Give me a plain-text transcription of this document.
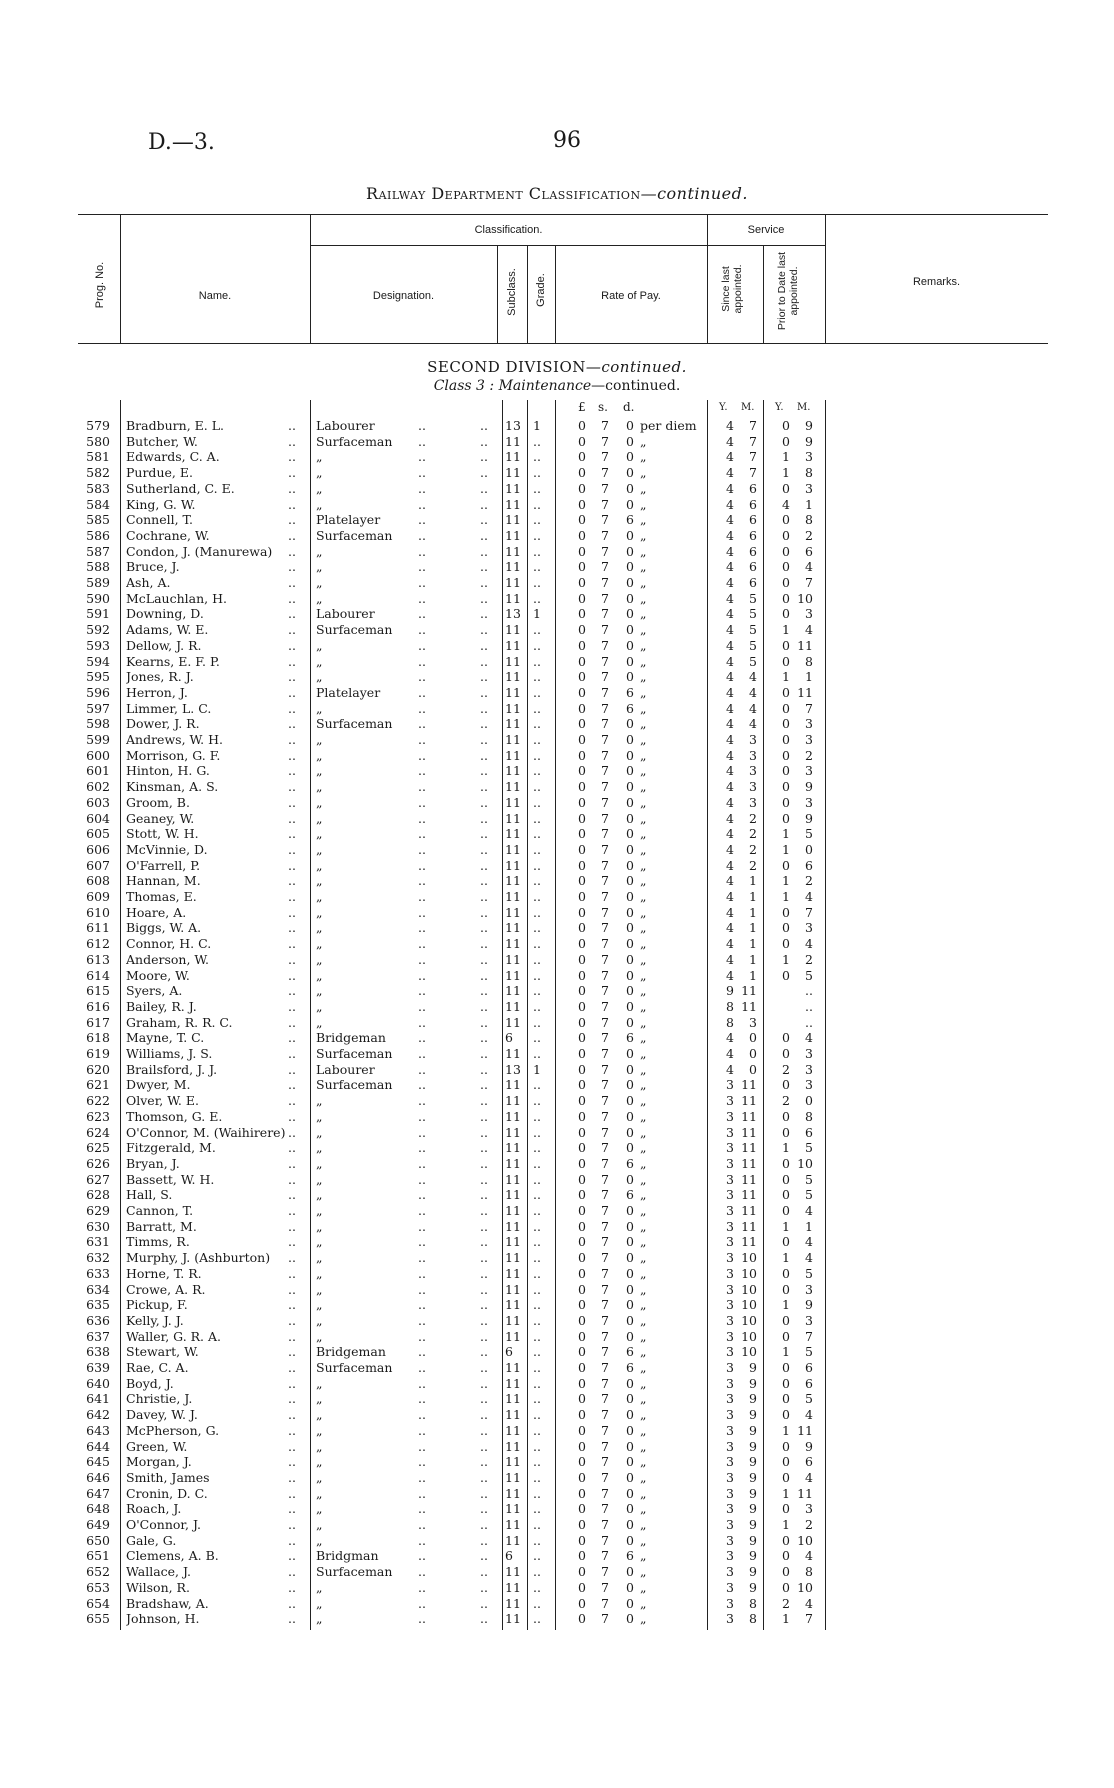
D.—3.	96
Railway Department Classification—continued.
Prog. No.	Name.
Classification.
Designation.	Subclass. Grade.	Rate of Pay.
Service
Since last appointed.	Prior to Date last appointed.	Remarks.
SECOND DIVISION—continued.
Class 3 : Maintenance—continued.
£ s. d.	Y. M. Y. M.
579 Bradburn, E. L.	.. Labourer	..	.. 13 1	0 7 0 per diem	4	7	0	9
580 Butcher, W.	.. Surfaceman	..	.. 11 ..	0 7 0 „	4	7	0	9
581 Edwards, C. A.	.. „	..	.. 11 ..	0 7 0 „	4	7	1	3
582 Purdue, E.	.. „	..	.. 11 ..	0 7 0 „	4	7	1	8
583 Sutherland, C. E.	.. „	..	.. 11 ..	0 7 0 „	4	6	0	3
584 King, G. W.	.. „	..	.. 11 ..	0 7 0 „	4	6	4	1
585 Connell, T.	.. Platelayer	..	.. 11 ..	0 7 6 „	4	6	0	8
586 Cochrane, W.	.. Surfaceman	..	.. 11 ..	0 7 0 „	4	6	0	2
587 Condon, J. (Manurewa)	.. „	..	.. 11 ..	0 7 0 „	4	6	0	6
588 Bruce, J.	.. „	..	.. 11 ..	0 7 0 „	4	6	0	4
589 Ash, A.	.. „	..	.. 11 ..	0 7 0 „	4	6	0	7
590 McLauchlan, H.	.. „	..	.. 11 ..	0 7 0 „	4	5	0 10
591 Downing, D.	.. Labourer	..	.. 13 1	0 7 0 „	4	5	0	3
592 Adams, W. E.	.. Surfaceman	..	.. 11 ..	0 7 0 „	4	5	1	4
593 Dellow, J. R.	.. „	..	.. 11 ..	0 7 0 „	4	5	0 11
594 Kearns, E. F. P.	.. „	..	.. 11 ..	0 7 0 „	4	5	0	8
595 Jones, R. J.	.. „	..	.. 11 ..	0 7 0 „	4	4	1	1
596 Herron, J.	.. Platelayer	..	.. 11 ..	0 7 6 „	4	4	0 11
597 Limmer, L. C.	.. „	..	.. 11 ..	0 7 6 „	4	4	0	7
598 Dower, J. R.	.. Surfaceman	..	.. 11 ..	0 7 0 „	4	4	0	3
599 Andrews, W. H.	.. „	..	.. 11 ..	0 7 0 „	4	3	0	3
600 Morrison, G. F.	.. „	..	.. 11 ..	0 7 0 „	4	3	0	2
601 Hinton, H. G.	.. „	..	.. 11 ..	0 7 0 „	4	3	0	3
602 Kinsman, A. S.	.. „	..	.. 11 ..	0 7 0 „	4	3	0	9
603 Groom, B.	.. „	..	.. 11 ..	0 7 0 „	4	3	0	3
604 Geaney, W.	.. „	..	.. 11 ..	0 7 0 „	4	2	0	9
605 Stott, W. H.	.. „	..	.. 11 ..	0 7 0 „	4	2	1	5
606 McVinnie, D.	.. „	..	.. 11 ..	0 7 0 „	4	2	1	0
607 O'Farrell, P.	.. „	..	.. 11 ..	0 7 0 „	4	2	0	6
608 Hannan, M.	.. „	..	.. 11 ..	0 7 0 „	4	1	1	2
609 Thomas, E.	.. „	..	.. 11 ..	0 7 0 „	4	1	1	4
610 Hoare, A.	.. „	..	.. 11 ..	0 7 0 „	4	1	0	7
611 Biggs, W. A.	.. „	..	.. 11 ..	0 7 0 „	4	1	0	3
612 Connor, H. C.	.. „	..	.. 11 ..	0 7 0 „	4	1	0	4
613 Anderson, W.	.. „	..	.. 11 ..	0 7 0 „	4	1	1	2
614 Moore, W.	.. „	..	.. 11 ..	0 7 0 „	4	1	0	5
615 Syers, A.	.. „	..	.. 11 ..	0 7 0 „	9 11	..
616 Bailey, R. J.	.. „	..	.. 11 ..	0 7 0 „	8 11	..
617 Graham, R. R. C.	.. „	..	.. 11 ..	0 7 0 „	8	3	..
618 Mayne, T. C.	.. Bridgeman	..	.. 6	..	0 7 6 „	4	0	0	4
619 Williams, J. S.	.. Surfaceman	..	.. 11 ..	0 7 0 „	4	0	0	3
620 Brailsford, J. J.	.. Labourer	..	.. 13 1	0 7 0 „	4	0	2	3
621 Dwyer, M.	.. Surfaceman	..	.. 11 ..	0 7 0 „	3 11	0	3
622 Olver, W. E.	.. „	..	.. 11 ..	0 7 0 „	3 11	2	0
623 Thomson, G. E.	.. „	..	.. 11 ..	0 7 0 „	3 11	0	8
624 O'Connor, M. (Waihirere) .. „	..	.. 11 ..	0 7 0 „	3 11	0	6
625 Fitzgerald, M.	.. „	..	.. 11 ..	0 7 0 „	3 11	1	5
626 Bryan, J.	.. „	..	.. 11 ..	0 7 6 „	3 11	0 10
627 Bassett, W. H.	.. „	..	.. 11 ..	0 7 0 „	3 11	0	5
628 Hall, S.	.. „	..	.. 11 ..	0 7 6 „	3 11	0	5
629 Cannon, T.	.. „	..	.. 11 ..	0 7 0 „	3 11	0	4
630 Barratt, M.	.. „	..	.. 11 ..	0 7 0 „	3 11	1	1
631 Timms, R.	.. „	..	.. 11 ..	0 7 0 „	3 11	0	4
632 Murphy, J. (Ashburton)	.. „	..	.. 11 ..	0 7 0 „	3 10	1	4
633 Horne, T. R.	.. „	..	.. 11 ..	0 7 0 „	3 10	0	5
634 Crowe, A. R.	.. „	..	.. 11 ..	0 7 0 „	3 10	0	3
635 Pickup, F.	.. „	..	.. 11 ..	0 7 0 „	3 10	1	9
636 Kelly, J. J.	.. „	..	.. 11 ..	0 7 0 „	3 10	0	3
637 Waller, G. R. A.	.. „	..	.. 11 ..	0 7 0 „	3 10	0	7
638 Stewart, W.	.. Bridgeman	..	.. 6	..	0 7 6 „	3 10	1	5
639 Rae, C. A.	.. Surfaceman	..	.. 11 ..	0 7 6 „	3	9	0	6
640 Boyd, J.	.. „	..	.. 11 ..	0 7 0 „	3	9	0	6
641 Christie, J.	.. „	..	.. 11 ..	0 7 0 „	3	9	0	5
642 Davey, W. J.	.. „	..	.. 11 ..	0 7 0 „	3	9	0	4
643 McPherson, G.	.. „	..	.. 11 ..	0 7 0 „	3	9	1 11
644 Green, W.	.. „	..	.. 11 ..	0 7 0 „	3	9	0	9
645 Morgan, J.	.. „	..	.. 11 ..	0 7 0 „	3	9	0	6
646 Smith, James	.. „	..	.. 11 ..	0 7 0 „	3	9	0	4
647 Cronin, D. C.	.. „	..	.. 11 ..	0 7 0 „	3	9	1 11
648 Roach, J.	.. „	..	.. 11 ..	0 7 0 „	3	9	0	3
649 O'Connor, J.	.. „	..	.. 11 ..	0 7 0 „	3	9	1	2
650 Gale, G.	.. „	..	.. 11 ..	0 7 0 „	3	9	0 10
651 Clemens, A. B.	.. Bridgman	..	.. 6	..	0 7 6 „	3	9	0	4
652 Wallace, J.	.. Surfaceman	..	.. 11 ..	0 7 0 „	3	9	0	8
653 Wilson, R.	.. „	..	.. 11 ..	0 7 0 „	3	9	0 10
654 Bradshaw, A.	.. „	..	.. 11 ..	0 7 0 „	3	8	2	4
655 Johnson, H.	.. „	..	.. 11 ..	0 7 0 „	3	8	1	7
